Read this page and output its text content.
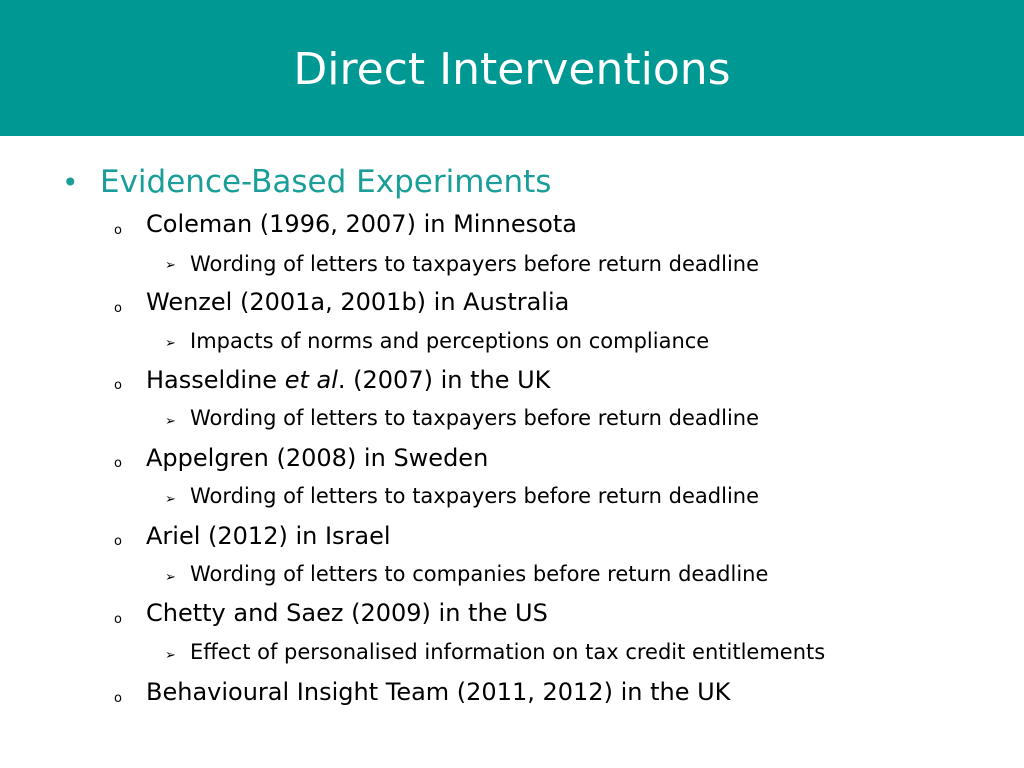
Direct Interventions
• Evidence-Based Experiments
o Coleman (1996, 2007) in Minnesota
➢ Wording of letters to taxpayers before return deadline
o Wenzel (2001a, 2001b) in Australia
➢ Impacts of norms and perceptions on compliance
o Hasseldine et al. (2007) in the UK
➢ Wording of letters to taxpayers before return deadline
o Appelgren (2008) in Sweden
➢ Wording of letters to taxpayers before return deadline
o Ariel (2012) in Israel
➢ Wording of letters to companies before return deadline
o Chetty and Saez (2009) in the US
➢ Effect of personalised information on tax credit entitlements
o Behavioural Insight Team (2011, 2012) in the UK
